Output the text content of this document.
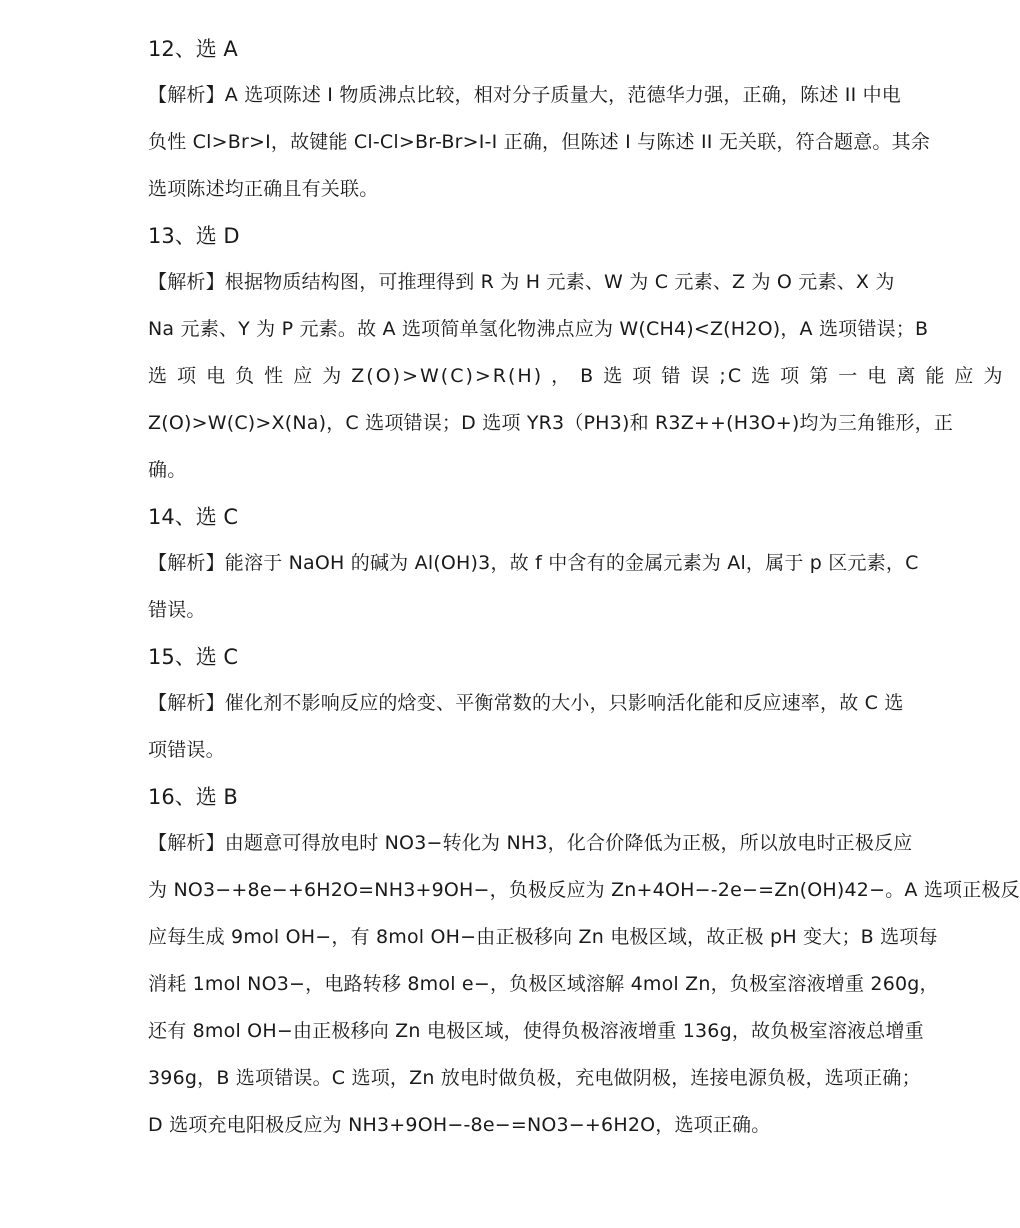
12、选 A
【解析】A 选项陈述 I 物质沸点比较，相对分子质量大，范德华力强，正确，陈述 II 中电
负性 Cl>Br>I，故键能 Cl-Cl>Br-Br>I-I 正确，但陈述 I 与陈述 II 无关联，符合题意。其余
选项陈述均正确且有关联。
13、选 D
【解析】根据物质结构图，可推理得到 R 为 H 元素、W 为 C 元素、Z 为 O 元素、X 为
Na 元素、Y 为 P 元素。故 A 选项简单氢化物沸点应为 W(CH4)<Z(H2O)，A 选项错误；B
选 项 电 负 性 应 为 Z(O)>W(C)>R(H) ， B 选 项 错 误 ;C 选 项 第 一 电 离 能 应 为
Z(O)>W(C)>X(Na)，C 选项错误；D 选项 YR3（PH3)和 R3Z++(H3O+)均为三角锥形，正
确。
14、选 C
【解析】能溶于 NaOH 的碱为 Al(OH)3，故 f 中含有的金属元素为 Al，属于 p 区元素，C
错误。
15、选 C
【解析】催化剂不影响反应的焓变、平衡常数的大小，只影响活化能和反应速率，故 C 选
项错误。
16、选 B
【解析】由题意可得放电时 NO3−转化为 NH3，化合价降低为正极，所以放电时正极反应
为 NO3−+8e−+6H2O=NH3+9OH−，负极反应为 Zn+4OH−-2e−=Zn(OH)42−。A 选项正极反
应每生成 9mol OH−，有 8mol OH−由正极移向 Zn 电极区域，故正极 pH 变大；B 选项每
消耗 1mol NO3−，电路转移 8mol e−，负极区域溶解 4mol Zn，负极室溶液增重 260g，
还有 8mol OH−由正极移向 Zn 电极区域，使得负极溶液增重 136g，故负极室溶液总增重
396g，B 选项错误。C 选项，Zn 放电时做负极，充电做阴极，连接电源负极，选项正确；
D 选项充电阳极反应为 NH3+9OH−-8e−=NO3−+6H2O，选项正确。
